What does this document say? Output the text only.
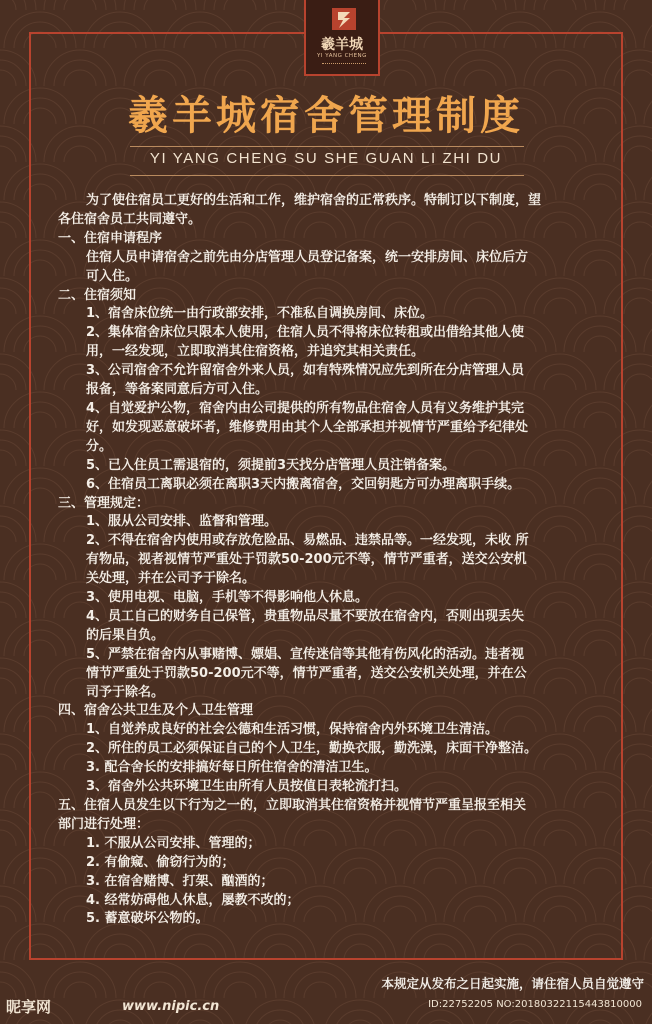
羲羊城
YI YANG CHENG
羲羊城宿舍管理制度
YI YANG CHENG SU SHE GUAN LI ZHI DU

为了使住宿员工更好的生活和工作，维护宿舍的正常秩序。特制订以下制度，望

各住宿舍员工共同遵守。

一、住宿申请程序

住宿人员申请宿舍之前先由分店管理人员登记备案，统一安排房间、床位后方

可入住。

二、住宿须知

1、宿舍床位统一由行政部安排，不准私自调换房间、床位。

2、集体宿舍床位只限本人使用，住宿人员不得将床位转租或出借给其他人使

用，一经发现，立即取消其住宿资格，并追究其相关责任。

3、公司宿舍不允许留宿舍外来人员，如有特殊情况应先到所在分店管理人员

报备，等备案同意后方可入住。

4、自觉爱护公物，宿舍内由公司提供的所有物品住宿舍人员有义务维护其完

好，如发现恶意破坏者，维修费用由其个人全部承担并视情节严重给予纪律处

分。

5、已入住员工需退宿的，须提前3天找分店管理人员注销备案。

6、住宿员工离职必须在离职3天内搬离宿舍，交回钥匙方可办理离职手续。

三、管理规定：

1、服从公司安排、监督和管理。

2、不得在宿舍内使用或存放危险品、易燃品、违禁品等。一经发现，未收 所

有物品，视者视情节严重处于罚款50-200元不等，情节严重者，送交公安机

关处理，并在公司予于除名。

3、使用电视、电脑，手机等不得影响他人休息。

4、员工自己的财务自己保管，贵重物品尽量不要放在宿舍内，否则出现丢失

的后果自负。

5、严禁在宿舍内从事赌博、嫖娼、宣传迷信等其他有伤风化的活动。违者视

情节严重处于罚款50-200元不等，情节严重者，送交公安机关处理，并在公

司予于除名。

四、宿舍公共卫生及个人卫生管理

1、自觉养成良好的社会公德和生活习惯，保持宿舍内外环境卫生清洁。

2、所住的员工必须保证自己的个人卫生，勤换衣服，勤洗澡，床面干净整洁。

3. 配合舍长的安排搞好每日所住宿舍的清洁卫生。

3、宿舍外公共环境卫生由所有人员按值日表轮流打扫。

五、住宿人员发生以下行为之一的，立即取消其住宿资格并视情节严重呈报至相关

部门进行处理：

1. 不服从公司安排、管理的；

2. 有偷窥、偷窃行为的；

3. 在宿舍赌博、打架、酗酒的；

4. 经常妨碍他人休息，屡教不改的；

5. 蓄意破坏公物的。

本规定从发布之日起实施，请住宿人员自觉遵守
昵享网	www.nipic.cn	ID:22752205 NO:20180322115443810000
